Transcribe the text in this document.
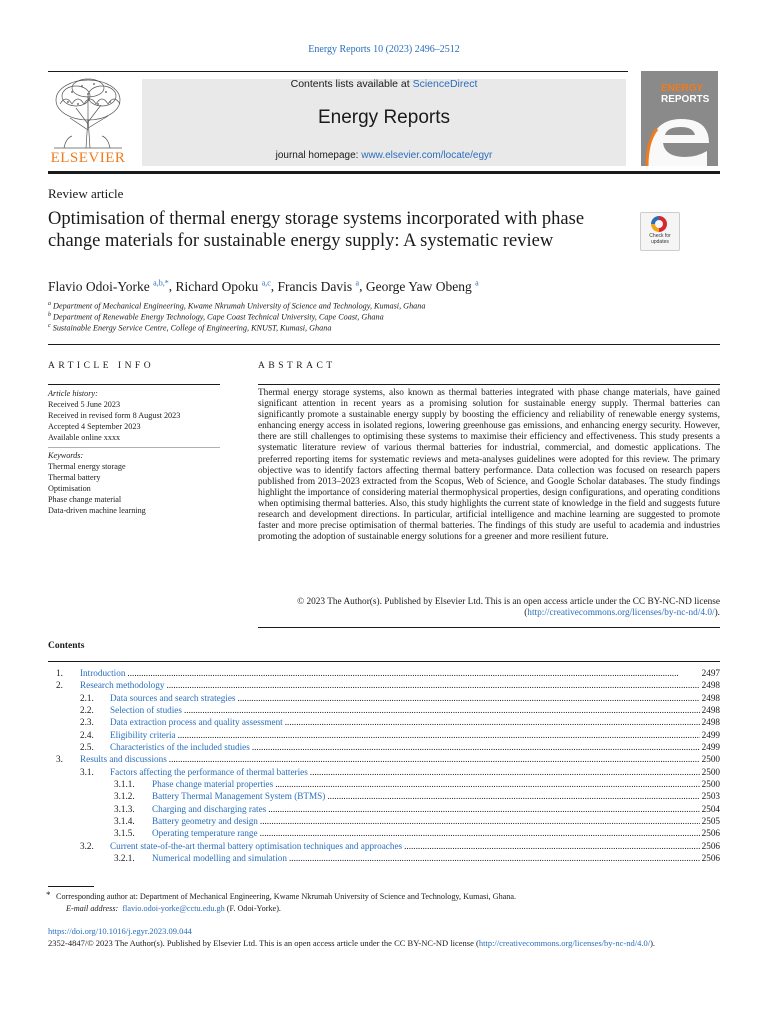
Energy Reports 10 (2023) 2496–2512
ELSEVIER
Contents lists available at ScienceDirect
Energy Reports
journal homepage: www.elsevier.com/locate/egyr
ENERGY
REPORTS
Review article
Optimisation of thermal energy storage systems incorporated with phase change materials for sustainable energy supply: A systematic review	Check for updates
Flavio Odoi-Yorke $^{a,b,*}$, Richard Opoku $^{a,c}$, Francis Davis $^a$, George Yaw Obeng $^a$
$^a$ Department of Mechanical Engineering, Kwame Nkrumah University of Science and Technology, Kumasi, Ghana
$^b$ Department of Renewable Energy Technology, Cape Coast Technical University, Cape Coast, Ghana
$^c$ Sustainable Energy Service Centre, College of Engineering, KNUST, Kumasi, Ghana
ARTICLE INFO	ABSTRACT
Article history:
Received 5 June 2023
Received in revised form 8 August 2023
Accepted 4 September 2023
Available online xxxx
Keywords:
Thermal energy storage
Thermal battery
Optimisation
Phase change material
Data-driven machine learning
Thermal energy storage systems, also known as thermal batteries integrated with phase change materials, have gained significant attention in recent years as a promising solution for sustainable energy supply. Thermal batteries can significantly promote a sustainable energy supply by boosting the efficiency and reliability of renewable energy systems, enhancing energy access in isolated regions, lowering greenhouse gas emissions, and enhancing energy security. However, there are still challenges to optimising these systems to maximise their efficiency and effectiveness. This study presents a systematic literature review of various thermal batteries for industrial, commercial, and domestic applications. The preferred reporting items for systematic reviews and meta-analyses guidelines were adopted for this review. The primary objective was to identify factors affecting thermal battery performance. Data collection was focused on research papers published from 2013–2023 extracted from the Scopus, Web of Science, and Google Scholar databases. The study findings highlight the importance of considering material thermophysical properties, design configurations, and operating conditions when optimising thermal batteries. Also, this study highlights the current state of knowledge in the field and suggests future research and development directions. In particular, artificial intelligence and machine learning are suggested to promote faster and more precise optimisation of thermal batteries. The findings of this study are useful to academia and industries promoting the adoption of sustainable energy solutions for a greener and more resilient future.
© 2023 The Author(s). Published by Elsevier Ltd. This is an open access article under the CC BY-NC-ND license (http://creativecommons.org/licenses/by-nc-nd/4.0/).
Contents
1.	Introduction .....	2497
2.	Research methodology .....	2498
2.1.	Data sources and search strategies .....	2498
2.2.	Selection of studies .....	2498
2.3.	Data extraction process and quality assessment .....	2498
2.4.	Eligibility criteria .....	2499
2.5.	Characteristics of the included studies .....	2499
3.	Results and discussions .....	2500
3.1.	Factors affecting the performance of thermal batteries .....	2500
3.1.1.	Phase change material properties .....	2500
3.1.2.	Battery Thermal Management System (BTMS) .....	2503
3.1.3.	Charging and discharging rates .....	2504
3.1.4.	Battery geometry and design .....	2505
3.1.5.	Operating temperature range .....	2506
3.2.	Current state-of-the-art thermal battery optimisation techniques and approaches .....	2506
3.2.1.	Numerical modelling and simulation .....	2506
* Corresponding author at: Department of Mechanical Engineering, Kwame Nkrumah University of Science and Technology, Kumasi, Ghana.
E-mail address: flavio.odoi-yorke@cctu.edu.gh (F. Odoi-Yorke).
https://doi.org/10.1016/j.egyr.2023.09.044
2352-4847/© 2023 The Author(s). Published by Elsevier Ltd. This is an open access article under the CC BY-NC-ND license (http://creativecommons.org/licenses/by-nc-nd/4.0/).
